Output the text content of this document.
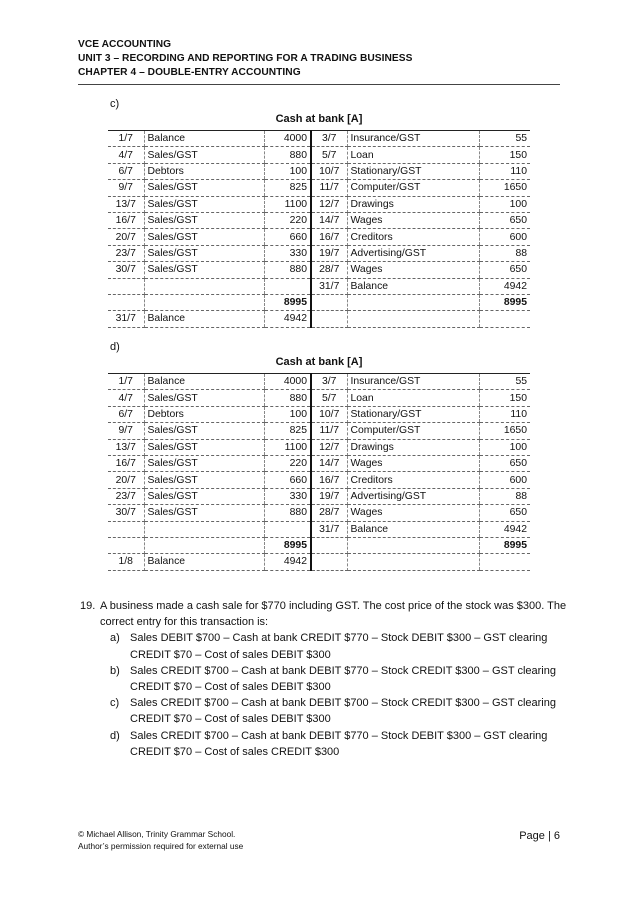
VCE ACCOUNTING
UNIT 3 – RECORDING AND REPORTING FOR A TRADING BUSINESS
CHAPTER 4 – DOUBLE-ENTRY ACCOUNTING
c)
Cash at bank [A]
1/7	Balance	4000	3/7	Insurance/GST	55
4/7	Sales/GST	880	5/7	Loan	150
6/7	Debtors	100	10/7	Stationary/GST	110
9/7	Sales/GST	825	11/7	Computer/GST	1650
13/7	Sales/GST	1100	12/7	Drawings	100
16/7	Sales/GST	220	14/7	Wages	650
20/7	Sales/GST	660	16/7	Creditors	600
23/7	Sales/GST	330	19/7	Advertising/GST	88
30/7	Sales/GST	880	28/7	Wages	650
			31/7	Balance	4942
		8995			8995
31/7	Balance	4942			
d)
Cash at bank [A]
1/7	Balance	4000	3/7	Insurance/GST	55
4/7	Sales/GST	880	5/7	Loan	150
6/7	Debtors	100	10/7	Stationary/GST	110
9/7	Sales/GST	825	11/7	Computer/GST	1650
13/7	Sales/GST	1100	12/7	Drawings	100
16/7	Sales/GST	220	14/7	Wages	650
20/7	Sales/GST	660	16/7	Creditors	600
23/7	Sales/GST	330	19/7	Advertising/GST	88
30/7	Sales/GST	880	28/7	Wages	650
			31/7	Balance	4942
		8995			8995
1/8	Balance	4942			
19. A business made a cash sale for $770 including GST. The cost price of the stock was $300. The correct entry for this transaction is:
a) Sales DEBIT $700 – Cash at bank CREDIT $770 – Stock DEBIT $300 – GST clearing CREDIT $70 – Cost of sales DEBIT $300
b) Sales CREDIT $700 – Cash at bank DEBIT $770 – Stock CREDIT $300 – GST clearing CREDIT $70 – Cost of sales DEBIT $300
c) Sales CREDIT $700 – Cash at bank DEBIT $700 – Stock CREDIT $300 – GST clearing CREDIT $70 – Cost of sales DEBIT $300
d) Sales CREDIT $700 – Cash at bank DEBIT $770 – Stock DEBIT $300 – GST clearing CREDIT $70 – Cost of sales CREDIT $300
© Michael Allison, Trinity Grammar School.
Author’s permission required for external use
Page | 6
